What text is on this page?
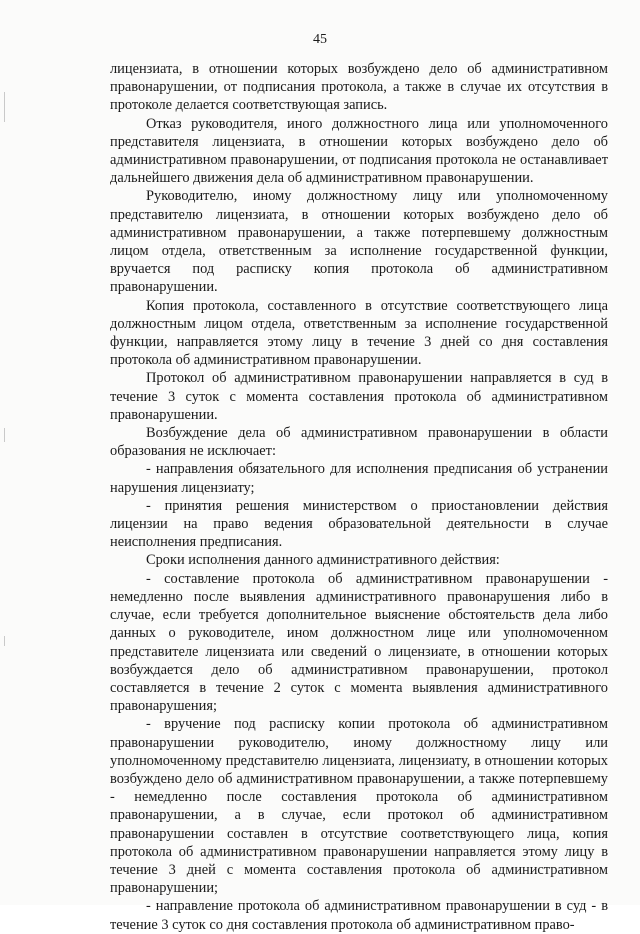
45

лицензиата, в отношении которых возбуждено дело об административном правонарушении, от подписания протокола, а также в случае их отсутствия в протоколе делается соответствующая запись.

Отказ руководителя, иного должностного лица или уполномоченного представителя лицензиата, в отношении которых возбуждено дело об административном правонарушении, от подписания протокола не останавливает дальнейшего движения дела об административном правонарушении.

Руководителю, иному должностному лицу или уполномоченному представителю лицензиата, в отношении которых возбуждено дело об административном правонарушении, а также потерпевшему должностным лицом отдела, ответственным за исполнение государственной функции, вручается под расписку копия протокола об административном правонарушении.

Копия протокола, составленного в отсутствие соответствующего лица должностным лицом отдела, ответственным за исполнение государственной функции, направляется этому лицу в течение 3 дней со дня составления протокола об административном правонарушении.

Протокол об административном правонарушении направляется в суд в течение 3 суток с момента составления протокола об административном правонарушении.

Возбуждение дела об административном правонарушении в области образования не исключает:

- направления обязательного для исполнения предписания об устранении нарушения лицензиату;

- принятия решения министерством о приостановлении действия лицензии на право ведения образовательной деятельности в случае неисполнения предписания.

Сроки исполнения данного административного действия:

- составление протокола об административном правонарушении - немедленно после выявления административного правонарушения либо в случае, если требуется дополнительное выяснение обстоятельств дела либо данных о руководителе, ином должностном лице или уполномоченном представителе лицензиата или сведений о лицензиате, в отношении которых возбуждается дело об административном правонарушении, протокол составляется в течение 2 суток с момента выявления административного правонарушения;

- вручение под расписку копии протокола об административном правонарушении руководителю, иному должностному лицу или уполномоченному представителю лицензиата, лицензиату, в отношении которых возбуждено дело об административном правонарушении, а также потерпевшему - немедленно после составления протокола об административном правонарушении, а в случае, если протокол об административном правонарушении составлен в отсутствие соответствующего лица, копия протокола об административном правонарушении направляется этому лицу в течение 3 дней с момента составления протокола об административном правонарушении;

- направление протокола об административном правонарушении в суд - в течение 3 суток со дня составления протокола об административном право-
